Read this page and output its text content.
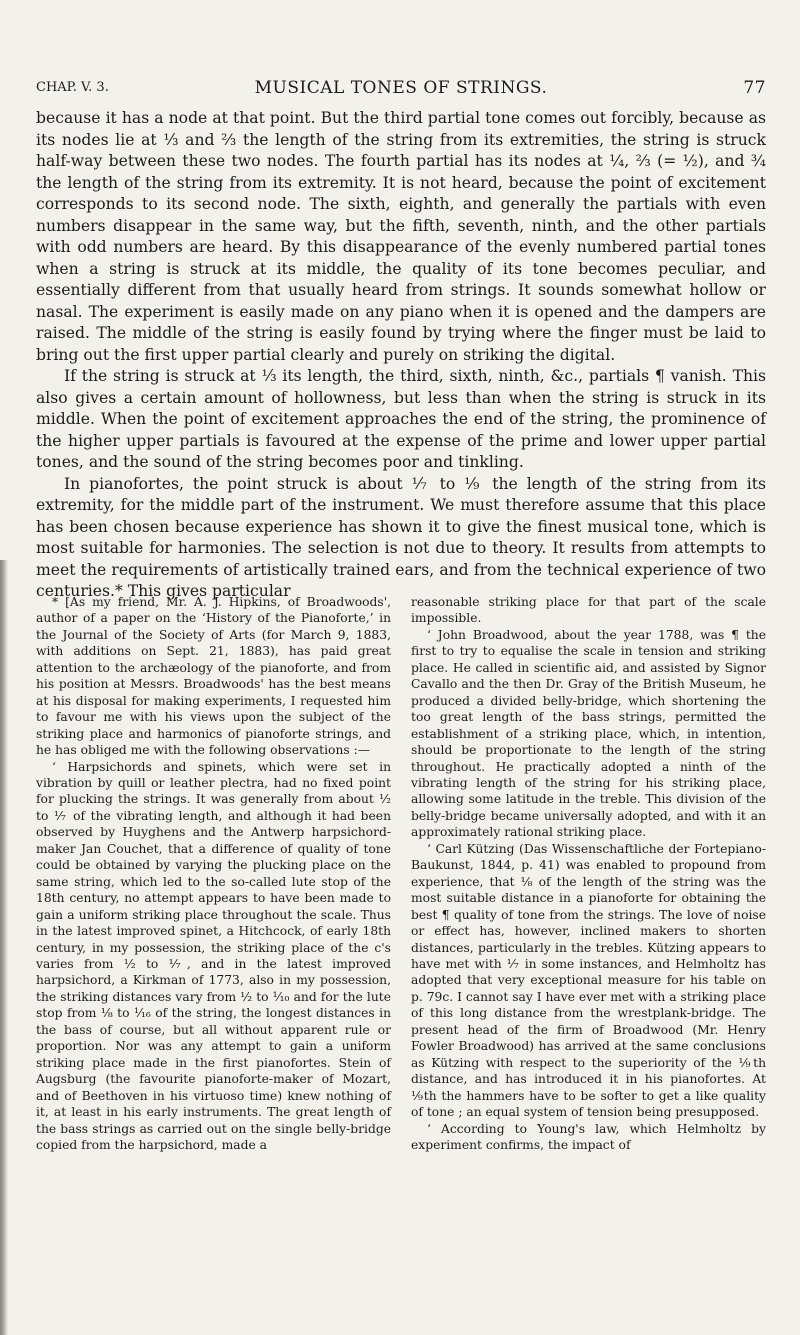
CHAP. V. 3.	MUSICAL TONES OF STRINGS.	77

because it has a node at that point. But the third partial tone comes out forcibly, because as its nodes lie at ⅓ and ⅔ the length of the string from its extremities, the string is struck half-way between these two nodes. The fourth partial has its nodes at ¼, ⅔ (= ½), and ¾ the length of the string from its extremity. It is not heard, because the point of excitement corresponds to its second node. The sixth, eighth, and generally the partials with even numbers disappear in the same way, but the fifth, seventh, ninth, and the other partials with odd numbers are heard. By this disappearance of the evenly numbered partial tones when a string is struck at its middle, the quality of its tone becomes peculiar, and essentially different from that usually heard from strings. It sounds somewhat hollow or nasal. The experiment is easily made on any piano when it is opened and the dampers are raised. The middle of the string is easily found by trying where the finger must be laid to bring out the first upper partial clearly and purely on striking the digital.

If the string is struck at ⅓ its length, the third, sixth, ninth, &c., partials ¶ vanish. This also gives a certain amount of hollowness, but less than when the string is struck in its middle. When the point of excitement approaches the end of the string, the prominence of the higher upper partials is favoured at the expense of the prime and lower upper partial tones, and the sound of the string becomes poor and tinkling.

In pianofortes, the point struck is about ⅐ to ⅑ the length of the string from its extremity, for the middle part of the instrument. We must therefore assume that this place has been chosen because experience has shown it to give the finest musical tone, which is most suitable for harmonies. The selection is not due to theory. It results from attempts to meet the requirements of artistically trained ears, and from the technical experience of two centuries.* This gives particular

* [As my friend, Mr. A. J. Hipkins, of Broadwoods', author of a paper on the ‘History of the Pianoforte,’ in the Journal of the Society of Arts (for March 9, 1883, with additions on Sept. 21, 1883), has paid great attention to the archæology of the pianoforte, and from his position at Messrs. Broadwoods' has the best means at his disposal for making experiments, I requested him to favour me with his views upon the subject of the striking place and harmonics of pianoforte strings, and he has obliged me with the following observations :—

‘ Harpsichords and spinets, which were set in vibration by quill or leather plectra, had no fixed point for plucking the strings. It was generally from about ½ to ⅐ of the vibrating length, and although it had been observed by Huyghens and the Antwerp harpsichord-maker Jan Couchet, that a difference of quality of tone could be obtained by varying the plucking place on the same string, which led to the so-called lute stop of the 18th century, no attempt appears to have been made to gain a uniform striking place throughout the scale. Thus in the latest improved spinet, a Hitchcock, of early 18th century, in my possession, the striking place of the c's varies from ½ to ⅐, and in the latest improved harpsichord, a Kirkman of 1773, also in my possession, the striking distances vary from ½ to ¹⁄₁₀ and for the lute stop from ⅛ to ¹⁄₁₆ of the string, the longest distances in the bass of course, but all without apparent rule or proportion. Nor was any attempt to gain a uniform striking place made in the first pianofortes. Stein of Augsburg (the favourite pianoforte-maker of Mozart, and of Beethoven in his virtuoso time) knew nothing of it, at least in his early instruments. The great length of the bass strings as carried out on the single belly-bridge copied from the harpsichord, made a

reasonable striking place for that part of the scale impossible.

‘ John Broadwood, about the year 1788, was ¶ the first to try to equalise the scale in tension and striking place. He called in scientific aid, and assisted by Signor Cavallo and the then Dr. Gray of the British Museum, he produced a divided belly-bridge, which shortening the too great length of the bass strings, permitted the establishment of a striking place, which, in intention, should be proportionate to the length of the string throughout. He practically adopted a ninth of the vibrating length of the string for his striking place, allowing some latitude in the treble. This division of the belly-bridge became universally adopted, and with it an approximately rational striking place.

‘ Carl Kützing (Das Wissenschaftliche der Fortepiano-Baukunst, 1844, p. 41) was enabled to propound from experience, that ⅛ of the length of the string was the most suitable distance in a pianoforte for obtaining the best ¶ quality of tone from the strings. The love of noise or effect has, however, inclined makers to shorten distances, particularly in the trebles. Kützing appears to have met with ⅐ in some instances, and Helmholtz has adopted that very exceptional measure for his table on p. 79c. I cannot say I have ever met with a striking place of this long distance from the wrestplank-bridge. The present head of the firm of Broadwood (Mr. Henry Fowler Broadwood) has arrived at the same conclusions as Kützing with respect to the superiority of the ⅑th distance, and has introduced it in his pianofortes. At ⅑th the hammers have to be softer to get a like quality of tone ; an equal system of tension being presupposed.

‘ According to Young's law, which Helmholtz by experiment confirms, the impact of
